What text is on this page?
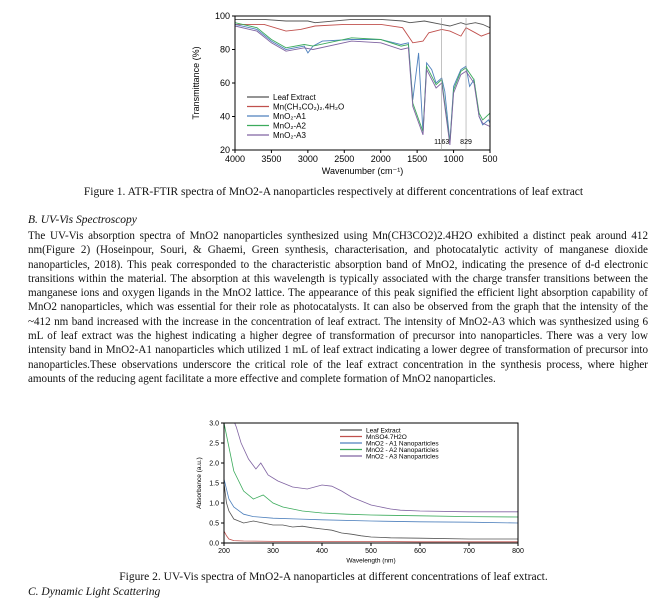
4000 3500 3000 2500 2000 1500 1000 500
100
80
60
40
20
Wavenumber (cm⁻¹)
Transmittance (%)
1163 829
Leaf Extract
Mn(CH₃CO₂)₂.4H₂O
MnO₂-A1
MnO₂-A2
MnO₂-A3
Figure 1. ATR-FTIR spectra of MnO2-A nanoparticles respectively at different concentrations of leaf extract
B. UV-Vis Spectroscopy

The UV-Vis absorption spectra of MnO2 nanoparticles synthesized using Mn(CH3CO2)2.4H2O exhibited a distinct peak around 412 nm(Figure 2) (Hoseinpour, Souri, & Ghaemi, Green synthesis, characterisation, and photocatalytic activity of manganese dioxide nanoparticles, 2018). This peak corresponded to the characteristic absorption band of MnO2, indicating the presence of d-d electronic transitions within the material. The absorption at this wavelength is typically associated with the charge transfer transitions between the manganese ions and oxygen ligands in the MnO2 lattice. The appearance of this peak signified the efficient light absorption capability of MnO2 nanoparticles, which was essential for their role as photocatalysts. It can also be observed from the graph that the intensity of the ~412 nm band increased with the increase in the concentration of leaf extract. The intensity of MnO2-A3 which was synthesized using 6 mL of leaf extract was the highest indicating a higher degree of transformation of precursor into nanoparticles. There was a very low intensity band in MnO2-A1 nanoparticles which utilized 1 mL of leaf extract indicating a lower degree of transformation of precursor into nanoparticles.These observations underscore the critical role of the leaf extract concentration in the synthesis process, where higher amounts of the reducing agent facilitate a more effective and complete formation of MnO2 nanoparticles.

200	300	400	500	600	700	800
3.0
2.5
2.0
1.5
1.0
0.5
0.0
Wavelength (nm)
Absorbance (a.u.)
Leaf Extract
MnSO4.7H2O
MnO2 - A1 Nanoparticles
MnO2 - A2 Nanoparticles
MnO2 - A3 Nanoparticles
Figure 2. UV-Vis spectra of MnO2-A nanoparticles at different concentrations of leaf extract.
C. Dynamic Light Scattering
